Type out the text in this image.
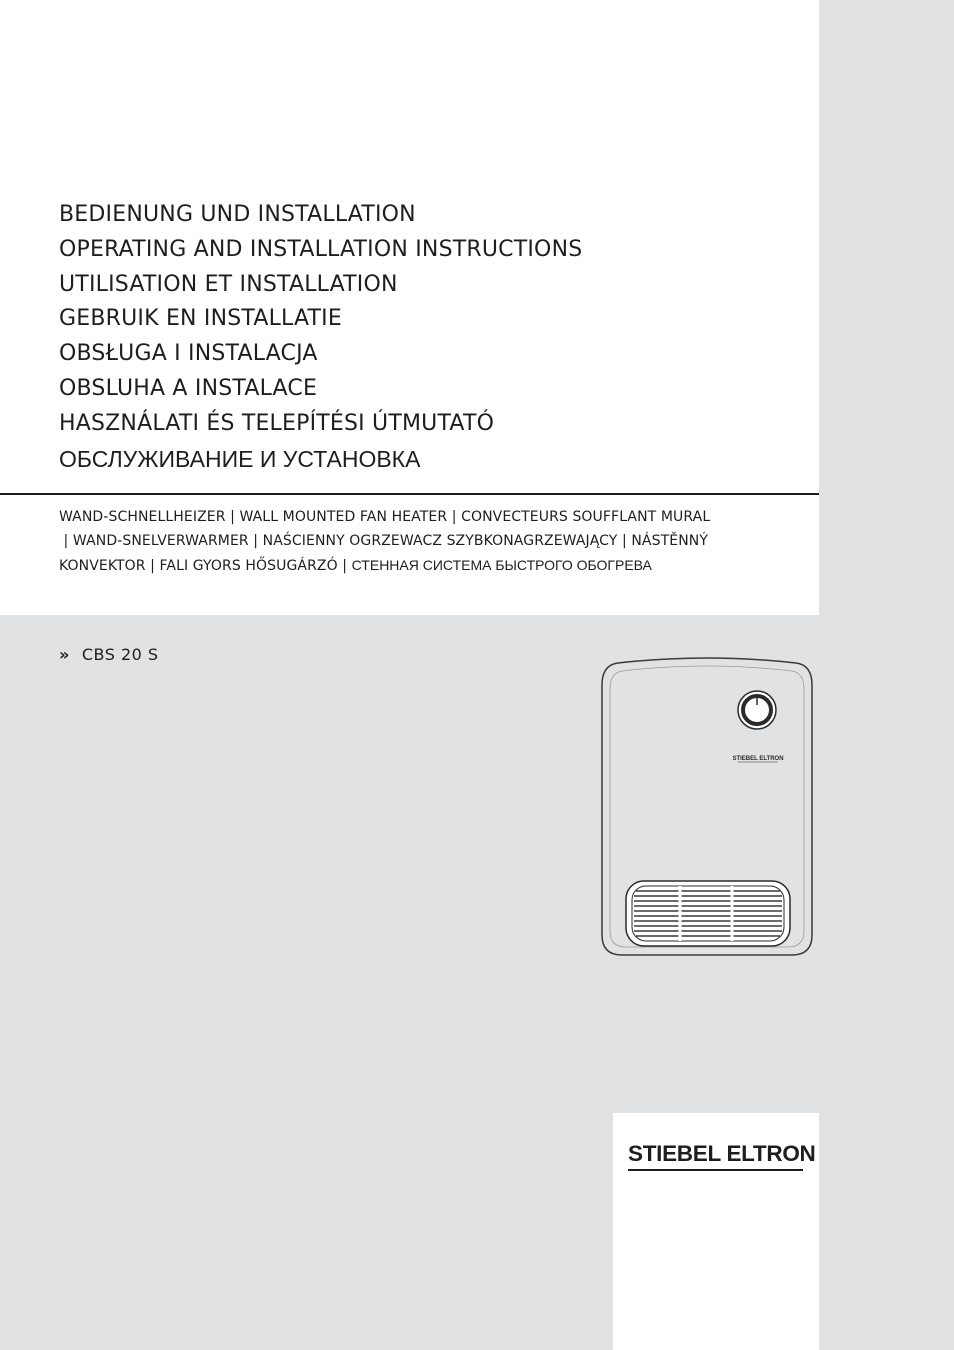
BEDIENUNG UND INSTALLATION
OPERATING AND INSTALLATION INSTRUCTIONS
UTILISATION ET INSTALLATION
GEBRUIK EN INSTALLATIE
OBSŁUGA I INSTALACJA
OBSLUHA A INSTALACE
HASZNÁLATI ÉS TELEPÍTÉSI ÚTMUTATÓ
ОБСЛУЖИВАНИЕ И УСТАНОВКА
WAND-SCHNELLHEIZER | WALL MOUNTED FAN HEATER | CONVECTEURS SOUFFLANT MURAL
| WAND-SNELVERWARMER | NAŚCIENNY OGRZEWACZ SZYBKONAGRZEWAJĄCY | NÁSTĚNNÝ
KONVEKTOR | FALI GYORS HŐSUGÁRZÓ | СТЕННАЯ СИСТЕМА БЫСТРОГО ОБОГРЕВА
» CBS 20 S
STIEBEL ELTRON
STIEBEL ELTRON
